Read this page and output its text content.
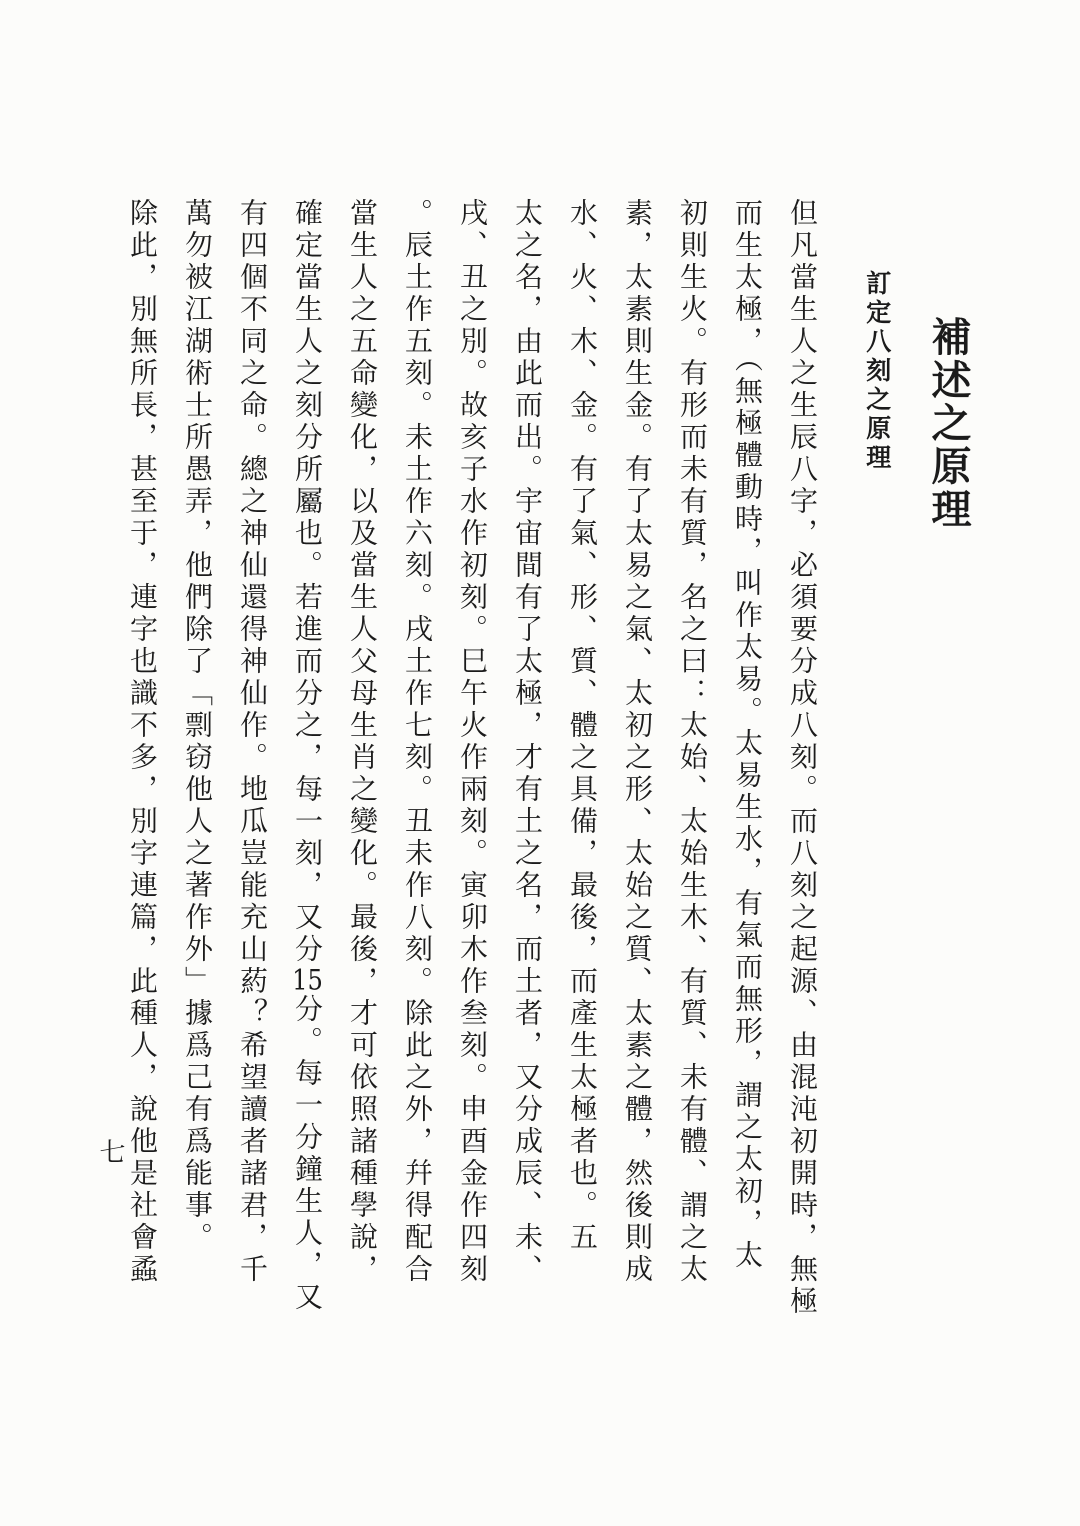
補述之原理
訂定八刻之原理
但凡當生人之生辰八字，必須要分成八刻。而八刻之起源、由混沌初開時，無極
而生太極，（無極體動時，叫作太易。太易生水，有氣而無形，謂之太初，太
初則生火。有形而未有質，名之曰：太始、太始生木、有質、未有體、謂之太
素，太素則生金。有了太易之氣、太初之形、太始之質、太素之體，然後則成
水、火、木、金。有了氣、形、質、體之具備，最後，而產生太極者也。五
太之名，由此而出。宇宙間有了太極，才有土之名，而土者，又分成辰、未、
戌、丑之別。故亥子水作初刻。巳午火作兩刻。寅卯木作叁刻。申酉金作四刻
。辰土作五刻。未土作六刻。戌土作七刻。丑未作八刻。除此之外，幷得配合
當生人之五命變化，以及當生人父母生肖之變化。最後，才可依照諸種學說，
確定當生人之刻分所屬也。若進而分之，每一刻，又分15分。每一分鐘生人，又
有四個不同之命。總之神仙還得神仙作。地瓜豈能充山葯？希望讀者諸君，千
萬勿被江湖術士所愚弄，他們除了「剽窃他人之著作外」據爲己有爲能事。
除此，別無所長，甚至于，連字也識不多，別字連篇，此種人，說他是社會蟊
七
